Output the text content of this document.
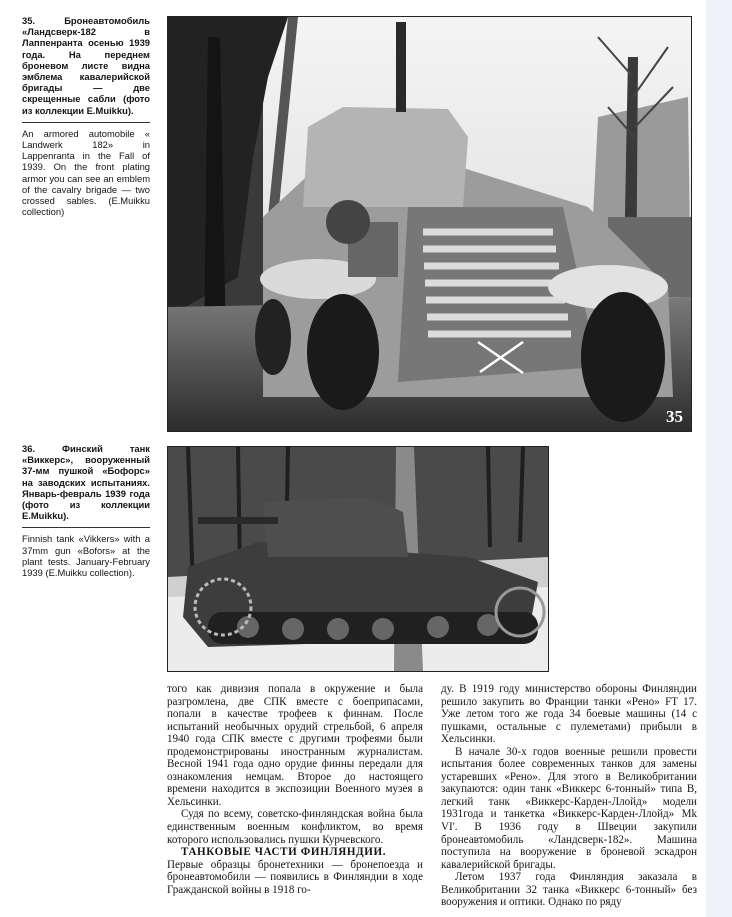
35.	Бронеавтомобиль «Ландсверк-182 в Лаппенранта осенью 1939 года. На переднем броневом листе видна эмблема кавалерийской бригады — две скрещенные сабли (фото из коллекции E.Muikku).

An armored automobile « Landwerk 182» in Lappenranta in the Fall of 1939. On the front plating armor you can see an emblem of the cavalry brigade — two crossed sables. (E.Muikku collection)

35

36.	Финский танк «Виккерс», вооруженный 37-мм пушкой «Бофорс» на заводских испытаниях. Январь-февраль 1939 года (фото из коллекции E.Muikku).

Finnish tank «Vikkers» with a 37mm gun «Bofors» at the plant tests. January-February 1939 (E.Muikku collection).

36

того как дивизия попала в окружение и была разгромлена, две СПК вместе с боеприпасами, попали в качестве трофеев к финнам. После испытаний необычных орудий стрельбой, 6 апреля 1940 года СПК вместе с другими трофеями были продемонстрированы иностранным журналистам. Весной 1941 года одно орудие финны передали для ознакомления немцам. Второе до настоящего времени находится в экспозиции Военного музея в Хельсинки.

Судя по всему, советско-финляндская война была единственным военным конфликтом, во время которого использовались пушки Курчевского.

ТАНКОВЫЕ ЧАСТИ ФИНЛЯНДИИ.

Первые образцы бронетехники — бронепоезда и бронеавтомобили — появились в Финляндии в ходе Гражданской войны в 1918 го-

ду. В 1919 году министерство обороны Финляндии решило закупить во Франции танки «Рено» FT 17. Уже летом того же года 34 боевые машины (14 с пушками, остальные с пулеметами) прибыли в Хельсинки.

В начале 30-х годов военные решили провести испытания более современных танков для замены устаревших «Рено». Для этого в Великобритании закупаются: один танк «Виккерс 6-тонный» типа B, легкий танк «Виккерс-Карден-Ллойд» модели 1931года и танкетка «Виккерс-Карден-Ллойд» Mk VI'. В 1936 году в Швеции закупили бронеавтомобиль «Ландсверк-182». Машина поступила на вооружение в броневой эскадрон кавалерийской бригады.

Летом 1937 года Финляндия заказала в Великобритании 32 танка «Виккерс 6-тонный» без вооружения и оптики. Однако по ряду
